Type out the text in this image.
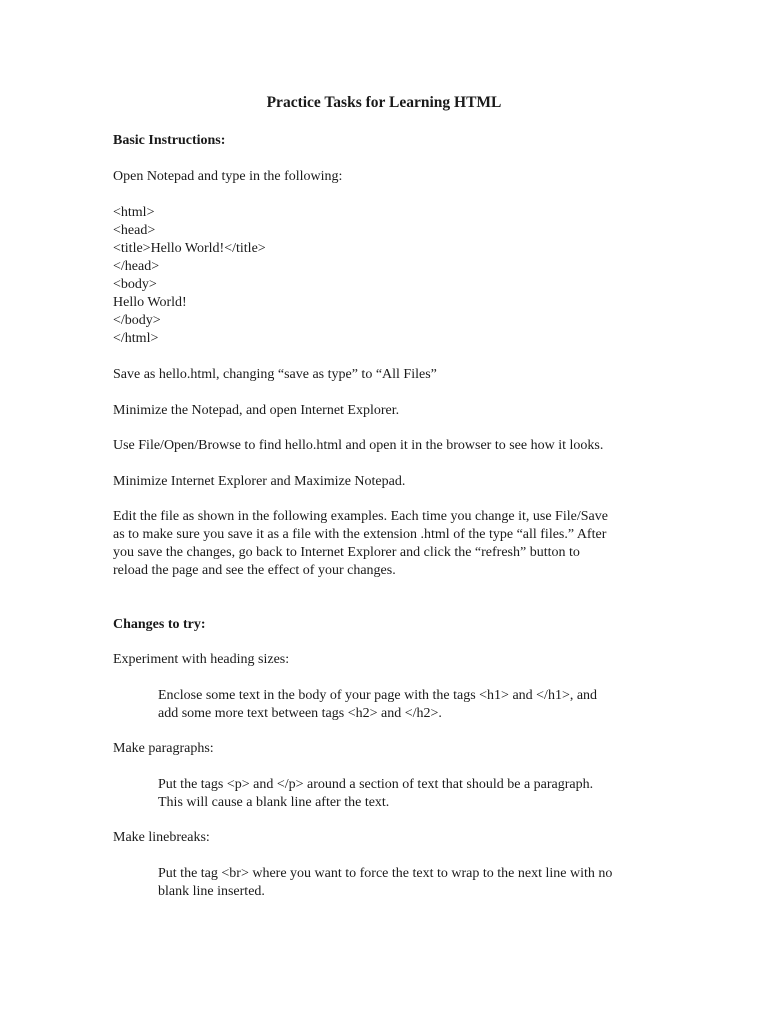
Practice Tasks for Learning HTML
Basic Instructions:
Open Notepad and type in the following:
<html>
<head>
<title>Hello World!</title>
</head>
<body>
Hello World!
</body>
</html>
Save as hello.html, changing “save as type” to “All Files”
Minimize the Notepad, and open Internet Explorer.
Use File/Open/Browse to find hello.html and open it in the browser to see how it looks.
Minimize Internet Explorer and Maximize Notepad.
Edit the file as shown in the following examples. Each time you change it, use File/Save
as to make sure you save it as a file with the extension .html of the type “all files.” After
you save the changes, go back to Internet Explorer and click the “refresh” button to
reload the page and see the effect of your changes.
Changes to try:
Experiment with heading sizes:
Enclose some text in the body of your page with the tags <h1> and </h1>, and
add some more text between tags <h2> and </h2>.
Make paragraphs:
Put the tags <p> and </p> around a section of text that should be a paragraph.
This will cause a blank line after the text.
Make linebreaks:
Put the tag <br> where you want to force the text to wrap to the next line with no
blank line inserted.
